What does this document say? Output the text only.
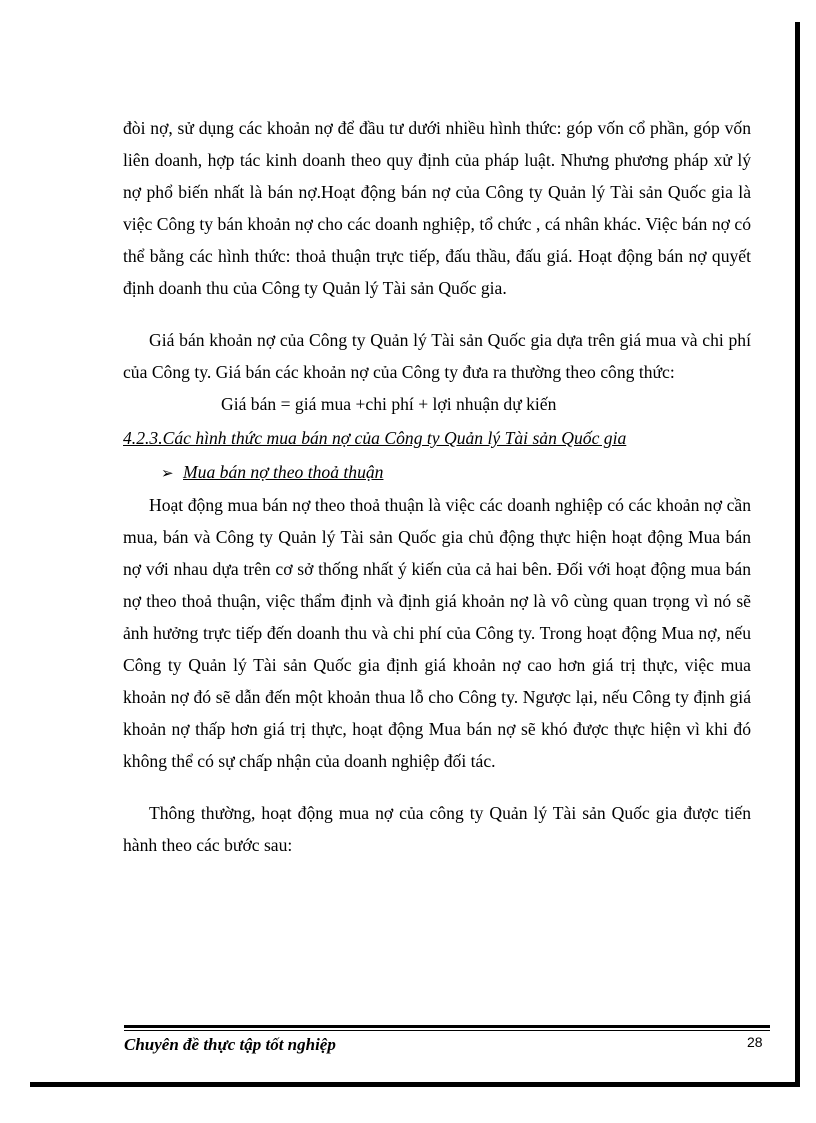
đòi nợ, sử dụng các khoản nợ để đầu tư dưới nhiều hình thức: góp vốn cổ phần, góp vốn liên doanh, hợp tác kinh doanh theo quy định của pháp luật. Nhưng phương pháp xử lý nợ phổ biến nhất là bán nợ.Hoạt động bán nợ của Công ty Quản lý Tài sản Quốc gia là việc Công ty bán khoản nợ cho các doanh nghiệp, tổ chức , cá nhân khác. Việc bán nợ có thể bằng các hình thức: thoả thuận trực tiếp, đấu thầu, đấu giá. Hoạt động bán nợ quyết định doanh thu của Công ty Quản lý Tài sản Quốc gia.

Giá bán khoản nợ của Công ty Quản lý Tài sản Quốc gia dựa trên giá mua và chi phí của Công ty. Giá bán các khoản nợ của Công ty đưa ra thường theo công thức:

Giá bán = giá mua +chi phí + lợi nhuận dự kiến

4.2.3.Các hình thức mua bán nợ của Công ty Quản lý Tài sản Quốc gia

➢ Mua bán nợ theo thoả thuận

Hoạt động mua bán nợ theo thoả thuận là việc các doanh nghiệp có các khoản nợ cần mua, bán và Công ty Quản lý Tài sản Quốc gia chủ động thực hiện hoạt động Mua bán nợ với nhau dựa trên cơ sở thống nhất ý kiến của cả hai bên. Đối với hoạt động mua bán nợ theo thoả thuận, việc thẩm định và định giá khoản nợ là vô cùng quan trọng vì nó sẽ ảnh hưởng trực tiếp đến doanh thu và chi phí của Công ty. Trong hoạt động Mua nợ, nếu Công ty Quản lý Tài sản Quốc gia định giá khoản nợ cao hơn giá trị thực, việc mua khoản nợ đó sẽ dẫn đến một khoản thua lỗ cho Công ty. Ngược lại, nếu Công ty định giá khoản nợ thấp hơn giá trị thực, hoạt động Mua bán nợ sẽ khó được thực hiện vì khi đó không thể có sự chấp nhận của doanh nghiệp đối tác.

Thông thường, hoạt động mua nợ của công ty Quản lý Tài sản Quốc gia được tiến hành theo các bước sau:

Chuyên đề thực tập tốt nghiệp	28
